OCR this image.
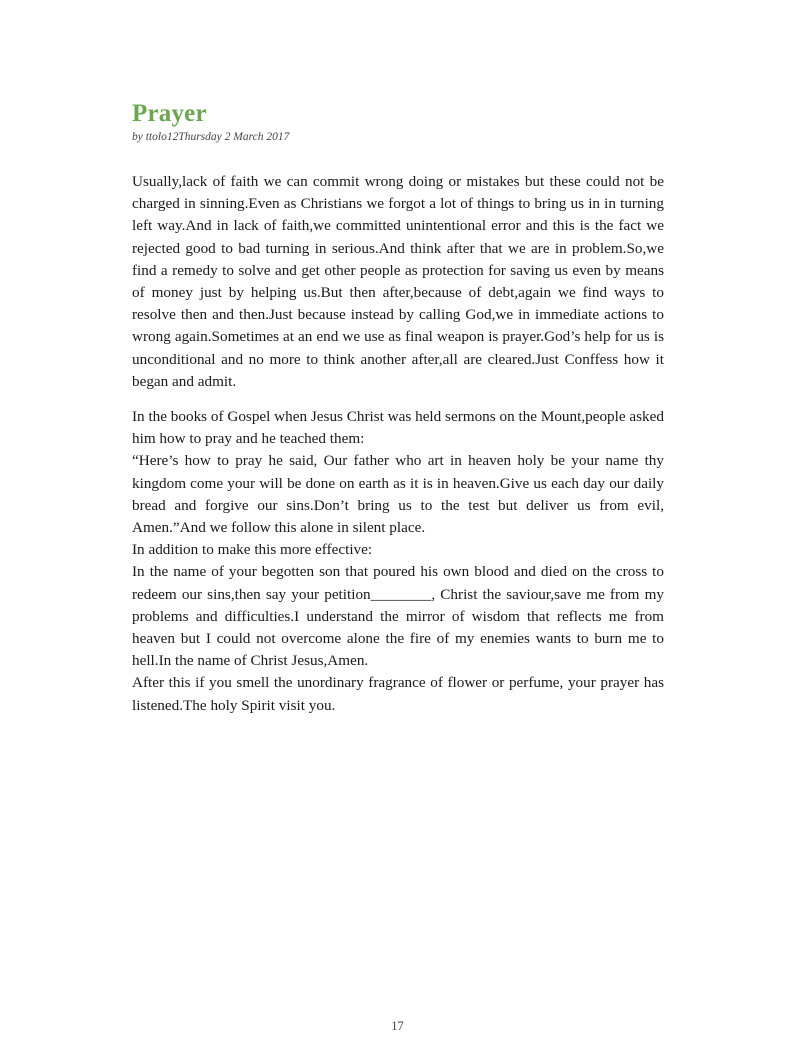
Prayer

by ttolo12Thursday 2 March 2017

Usually,lack of faith we can commit wrong doing or mistakes but these could not be charged in sinning.Even as Christians we forgot a lot of things to bring us in in turning left way.And in lack of faith,we committed unintentional error and this is the fact we rejected good to bad turning in serious.And think after that we are in problem.So,we find a remedy to solve and get other people as protection for saving us even by means of money just by helping us.But then after,because of debt,again we find ways to resolve then and then.Just because instead by calling God,we in immediate actions to wrong again.Sometimes at an end we use as final weapon is prayer.God’s help for us is unconditional and no more to think another after,all are cleared.Just Conffess how it began and admit.

In the books of Gospel when Jesus Christ was held sermons on the Mount,people asked him how to pray and he teached them:
“Here’s how to pray he said, Our father who art in heaven holy be your name thy kingdom come your will be done on earth as it is in heaven.Give us each day our daily bread and forgive our sins.Don’t bring us to the test but deliver us from evil, Amen.”And we follow this alone in silent place.
In addition to make this more effective:
In the name of your begotten son that poured his own blood and died on the cross to redeem our sins,then say your petition________, Christ the saviour,save me from my problems and difficulties.I understand the mirror of wisdom that reflects me from heaven but I could not overcome alone the fire of my enemies wants to burn me to hell.In the name of Christ Jesus,Amen.
After this if you smell the unordinary fragrance of flower or perfume, your prayer has listened.The holy Spirit visit you.
17
